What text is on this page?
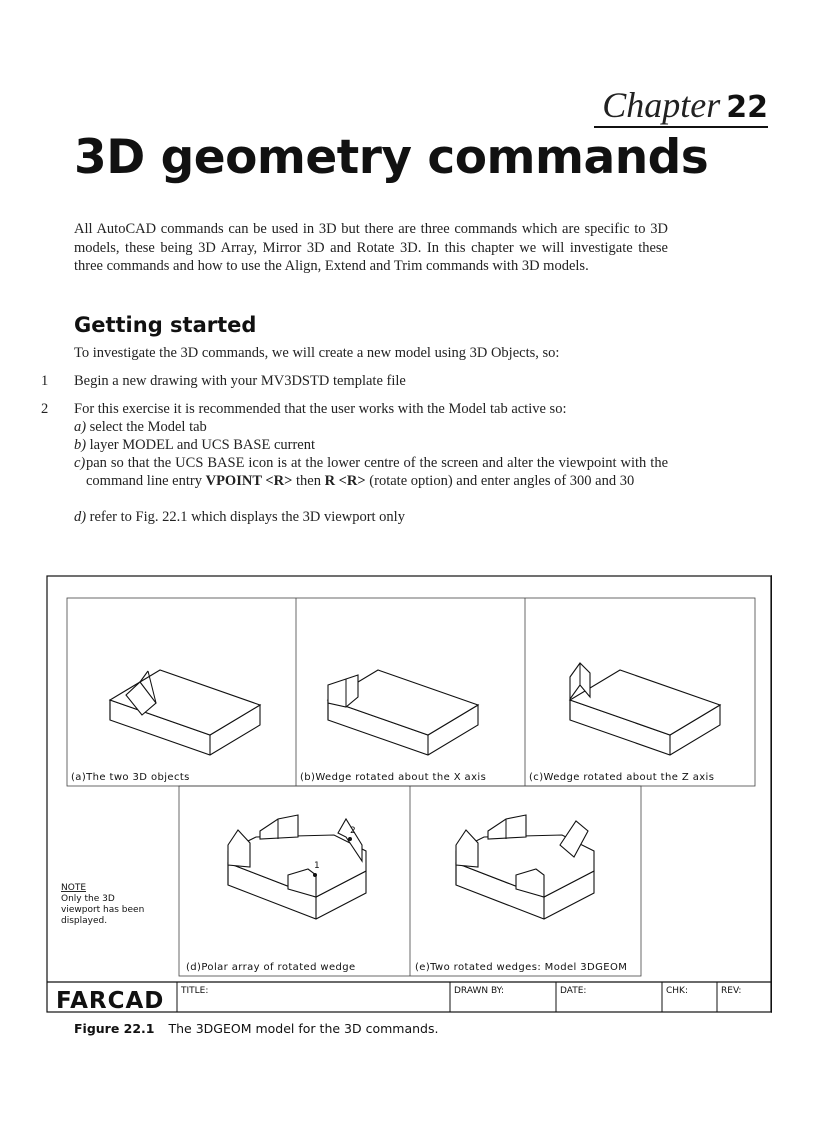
Chapter 22
3D geometry commands

All AutoCAD commands can be used in 3D but there are three commands which are specific to 3D models, these being 3D Array, Mirror 3D and Rotate 3D. In this chapter we will investigate these three commands and how to use the Align, Extend and Trim commands with 3D models.

Getting started

To investigate the 3D commands, we will create a new model using 3D Objects, so:

1 Begin a new drawing with your MV3DSTD template file
2 For this exercise it is recommended that the user works with the Model tab active so:
a) select the Model tab
b) layer MODEL and UCS BASE current
c) pan so that the UCS BASE icon is at the lower centre of the screen and alter the viewpoint with the command line entry VPOINT <R> then R <R> (rotate option) and enter angles of 300 and 30
d) refer to Fig. 22.1 which displays the 3D viewport only
(a)The two 3D objects	(b)Wedge rotated about the X axis	(c)Wedge rotated about the Z axis
1
2
(d)Polar array of rotated wedge	(e)Two rotated wedges: Model 3DGEOM
NOTE
Only the 3D
viewport has been
displayed.
FARCAD TITLE:	DRAWN BY:	DATE:	CHK:	REV:
Figure 22.1 The 3DGEOM model for the 3D commands.
